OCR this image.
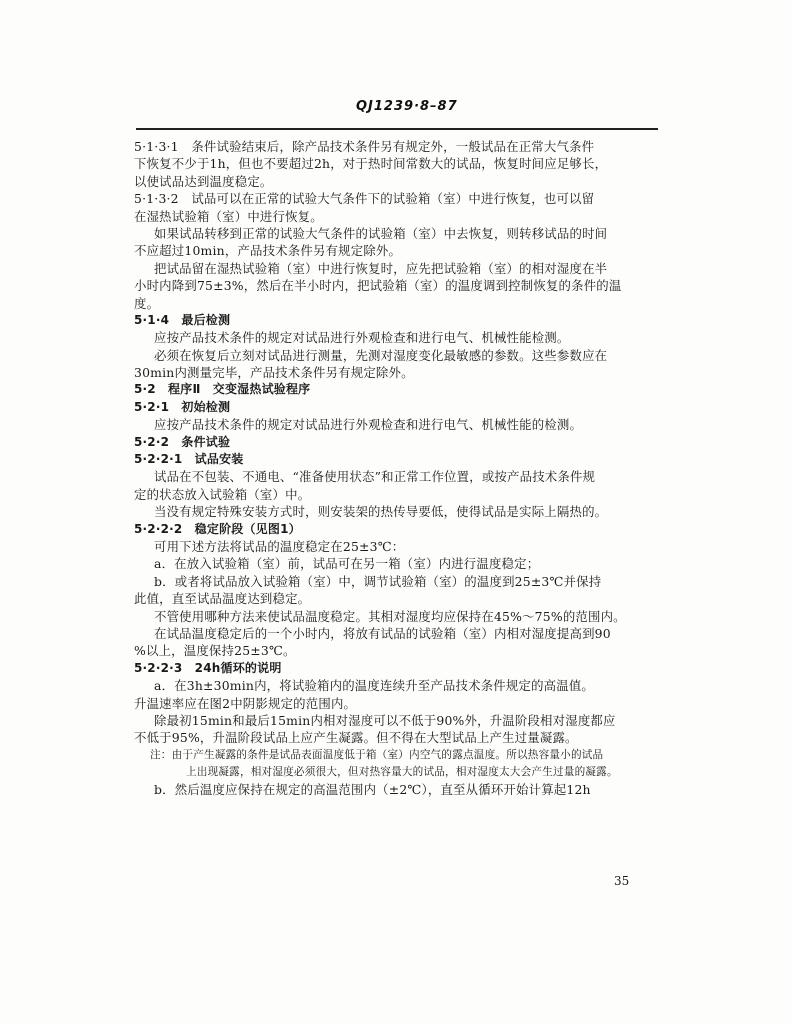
QJ1239·8–87
5·1·3·1　条件试验结束后，除产品技术条件另有规定外，一般试品在正常大气条件
下恢复不少于1h，但也不要超过2h，对于热时间常数大的试品，恢复时间应足够长，
以使试品达到温度稳定。
5·1·3·2　试品可以在正常的试验大气条件下的试验箱（室）中进行恢复，也可以留
在湿热试验箱（室）中进行恢复。
如果试品转移到正常的试验大气条件的试验箱（室）中去恢复，则转移试品的时间
不应超过10min，产品技术条件另有规定除外。
把试品留在湿热试验箱（室）中进行恢复时，应先把试验箱（室）的相对湿度在半
小时内降到75±3%，然后在半小时内，把试验箱（室）的温度调到控制恢复的条件的温
度。
5·1·4　最后检测
应按产品技术条件的规定对试品进行外观检查和进行电气、机械性能检测。
必须在恢复后立刻对试品进行测量，先测对湿度变化最敏感的参数。这些参数应在
30min内测量完毕，产品技术条件另有规定除外。
5·2　程序Ⅱ　交变湿热试验程序
5·2·1　初始检测
应按产品技术条件的规定对试品进行外观检查和进行电气、机械性能的检测。
5·2·2　条件试验
5·2·2·1　试品安装
试品在不包装、不通电、“准备使用状态”和正常工作位置，或按产品技术条件规
定的状态放入试验箱（室）中。
当没有规定特殊安装方式时，则安装架的热传导要低，使得试品是实际上隔热的。
5·2·2·2　稳定阶段（见图1）
可用下述方法将试品的温度稳定在25±3℃：
a．在放入试验箱（室）前，试品可在另一箱（室）内进行温度稳定；
b．或者将试品放入试验箱（室）中，调节试验箱（室）的温度到25±3℃并保持
此值，直至试品温度达到稳定。
不管使用哪种方法来使试品温度稳定。其相对湿度均应保持在45%～75%的范围内。
在试品温度稳定后的一个小时内，将放有试品的试验箱（室）内相对湿度提高到90
%以上，温度保持25±3℃。
5·2·2·3　24h循环的说明
a．在3h±30min内，将试验箱内的温度连续升至产品技术条件规定的高温值。
升温速率应在图2中阴影规定的范围内。
除最初15min和最后15min内相对湿度可以不低于90%外，升温阶段相对湿度都应
不低于95%，升温阶段试品上应产生凝露。但不得在大型试品上产生过量凝露。
注：由于产生凝露的条件是试品表面温度低于箱（室）内空气的露点温度。所以热容量小的试品
上出现凝露，相对湿度必须很大，但对热容量大的试品，相对湿度太大会产生过量的凝露。
b．然后温度应保持在规定的高温范围内（±2℃），直至从循环开始计算起12h
35
